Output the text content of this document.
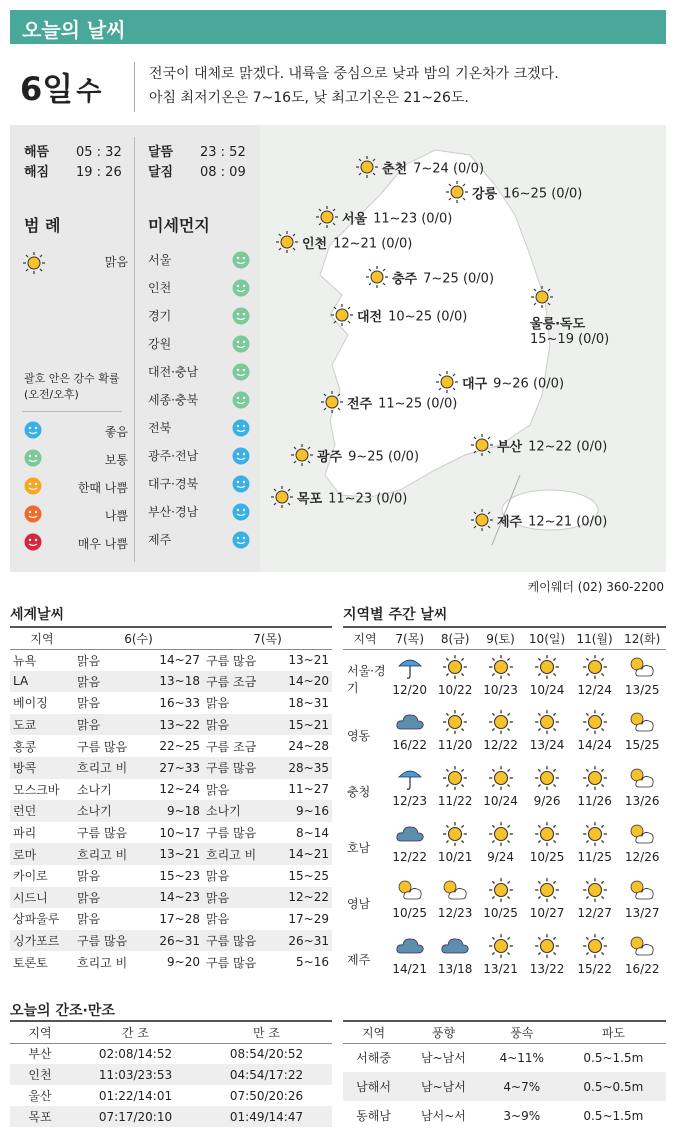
오늘의 날씨
6일 수
전국이 대체로 맑겠다. 내륙을 중심으로 낮과 밤의 기온차가 크겠다.
아침 최저기온은 7~16도, 낮 최고기온은 21~26도.
해뜸 05 : 32 달뜸 23 : 52
해짐 19 : 26 달짐 08 : 09
범 례
맑음
괄호 안은 강수 확률
(오전/오후)
좋음
보통
한때 나쁨
나쁨
매우 나쁨
미세먼지
서울
인천
경기
강원
대전·충남
세종·충북
전북
광주·전남
대구·경북
부산·경남
제주
춘천 7~24 (0/0)
강릉 16~25 (0/0)
서울 11~23 (0/0)
인천 12~21 (0/0)
충주 7~25 (0/0)
대전 10~25 (0/0)	울릉·독도
15~19 (0/0)
대구 9~26 (0/0)
전주 11~25 (0/0)
부산 12~22 (0/0)
광주 9~25 (0/0)
목포 11~23 (0/0)
제주 12~21 (0/0)
케이웨더 (02) 360-2200
세계날씨
지역	6(수)		7(목)	
뉴욕	맑음	14~27	구름 많음	13~21
LA	맑음	13~18	구름 조금	14~20
베이징	맑음	16~33	맑음	18~31
도쿄	맑음	13~22	맑음	15~21
홍콩	구름 많음	22~25	구름 조금	24~28
방콕	흐리고 비	27~33	구름 많음	28~35
모스크바	소나기	12~24	맑음	11~27
런던	소나기	9~18	소나기	9~16
파리	구름 많음	10~17	구름 많음	8~14
로마	흐리고 비	13~21	흐리고 비	14~21
카이로	맑음	15~23	맑음	15~25
시드니	맑음	14~23	맑음	12~22
상파울루	맑음	17~28	맑음	17~29
싱가포르	구름 많음	26~31	구름 많음	26~31
토론토	흐리고 비	9~20	구름 많음	5~16
지역별 주간 날씨
지역	7(목)	8(금)	9(토)	10(일)	11(월)	12(화)
서울·경기	12/20	10/22	10/23	10/24	12/24	13/25

영동	16/22	11/20	12/22	13/24	14/24	15/25

충청	12/23	11/22	10/24	9/26	11/26	13/26

호남	12/22	10/21	9/24	10/25	11/25	12/26

영남	10/25	12/23	10/25	10/27	12/27	13/27

제주	14/21	13/18	13/21	13/22	15/22	16/22
오늘의 간조·만조
지역	간 조	만 조
부산	02:08/14:52	08:54/20:52
인천	11:03/23:53	04:54/17:22
울산	01:22/14:01	07:50/20:26
목포	07:17/20:10	01:49/14:47
지역	풍향	풍속	파도
서해중	남~남서	4~11%	0.5~1.5m
남해서	남~남서	4~7%	0.5~0.5m
동해남	남서~서	3~9%	0.5~1.5m
